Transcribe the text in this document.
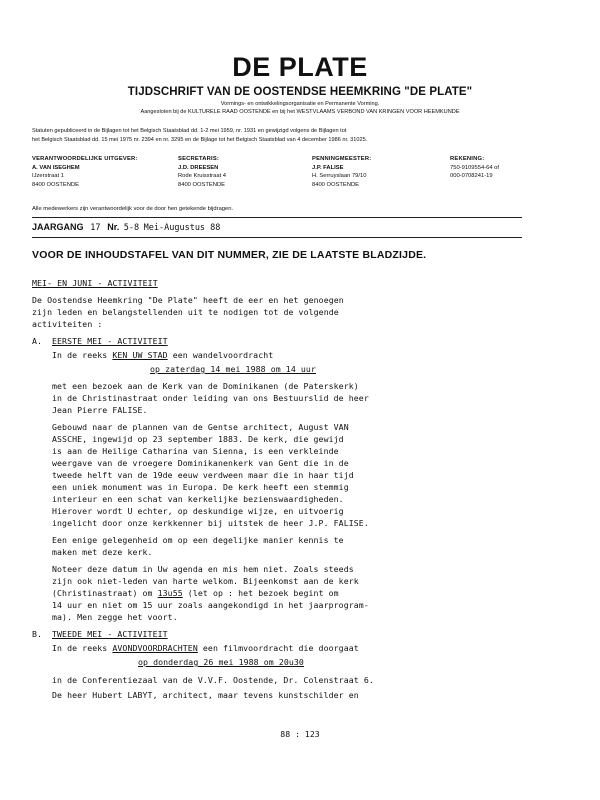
DE PLATE
TIJDSCHRIFT VAN DE OOSTENDSE HEEMKRING "DE PLATE"
Vormings- en ontwikkelingsorganisatie en Permanente Vorming.
Aangesloten bij de KULTURELE RAAD OOSTENDE en bij het WESTVLAAMS VERBOND VAN KRINGEN VOOR HEEMKUNDE
Statuten gepubliceerd in de Bijlagen tot het Belgisch Staatsblad dd. 1-2 mei 1959, nr. 1931 en gewijzigd volgens de Bijlagen tot
het Belgisch Staatsblad dd. 15 mei 1975 nr. 2394 en nr. 3295 en de Bijlage tot het Belgisch Staatsblad van 4 december 1986 nr. 31025.
VERANTWOORDELIJKE UITGEVER:
A. VAN ISEGHEM
IJzerstraat 1
8400 OOSTENDE
SECRETARIS:
J.D. DREESEN
Rode Kruisstraat 4
8400 OOSTENDE
PENNINGMEESTER:
J.P. FALISE
H. Serruyslaan 79/10
8400 OOSTENDE
REKENING:
750-9109554-64 of
000-0708241-19
Alle medewerkers zijn verantwoordelijk voor de door hen getekende bijdragen.
JAARGANG 17 Nr. 5-8 Mei-Augustus 88
VOOR DE INHOUDSTAFEL VAN DIT NUMMER, ZIE DE LAATSTE BLADZIJDE.
MEI- EN JUNI - ACTIVITEIT
De Oostendse Heemkring "De Plate" heeft de eer en het genoegen
zijn leden en belangstellenden uit te nodigen tot de volgende
activiteiten :
A. EERSTE MEI - ACTIVITEIT
In de reeks KEN UW STAD een wandelvoordracht
op zaterdag 14 mei 1988 om 14 uur
met een bezoek aan de Kerk van de Dominikanen (de Paterskerk)
in de Christinastraat onder leiding van ons Bestuurslid de heer
Jean Pierre FALISE.
Gebouwd naar de plannen van de Gentse architect, August VAN
ASSCHE, ingewijd op 23 september 1883. De kerk, die gewijd
is aan de Heilige Catharina van Sienna, is een verkleinde
weergave van de vroegere Dominikanenkerk van Gent die in de
tweede helft van de 19de eeuw verdween maar die in haar tijd
een uniek monument was in Europa. De kerk heeft een stemmig
interieur en een schat van kerkelijke bezienswaardigheden.
Hierover wordt U echter, op deskundige wijze, en uitvoerig
ingelicht door onze kerkkenner bij uitstek de heer J.P. FALISE.
Een enige gelegenheid om op een degelijke manier kennis te
maken met deze kerk.
Noteer deze datum in Uw agenda en mis hem niet. Zoals steeds
zijn ook niet-leden van harte welkom. Bijeenkomst aan de kerk
(Christinastraat) om 13u55 (let op : het bezoek begint om
14 uur en niet om 15 uur zoals aangekondigd in het jaarprogram-
ma). Men zegge het voort.
B. TWEEDE MEI - ACTIVITEIT
In de reeks AVONDVOORDRACHTEN een filmvoordracht die doorgaat
op donderdag 26 mei 1988 om 20u30
in de Conferentiezaal van de V.V.F. Oostende, Dr. Colenstraat 6.
De heer Hubert LABYT, architect, maar tevens kunstschilder en
88 : 123
